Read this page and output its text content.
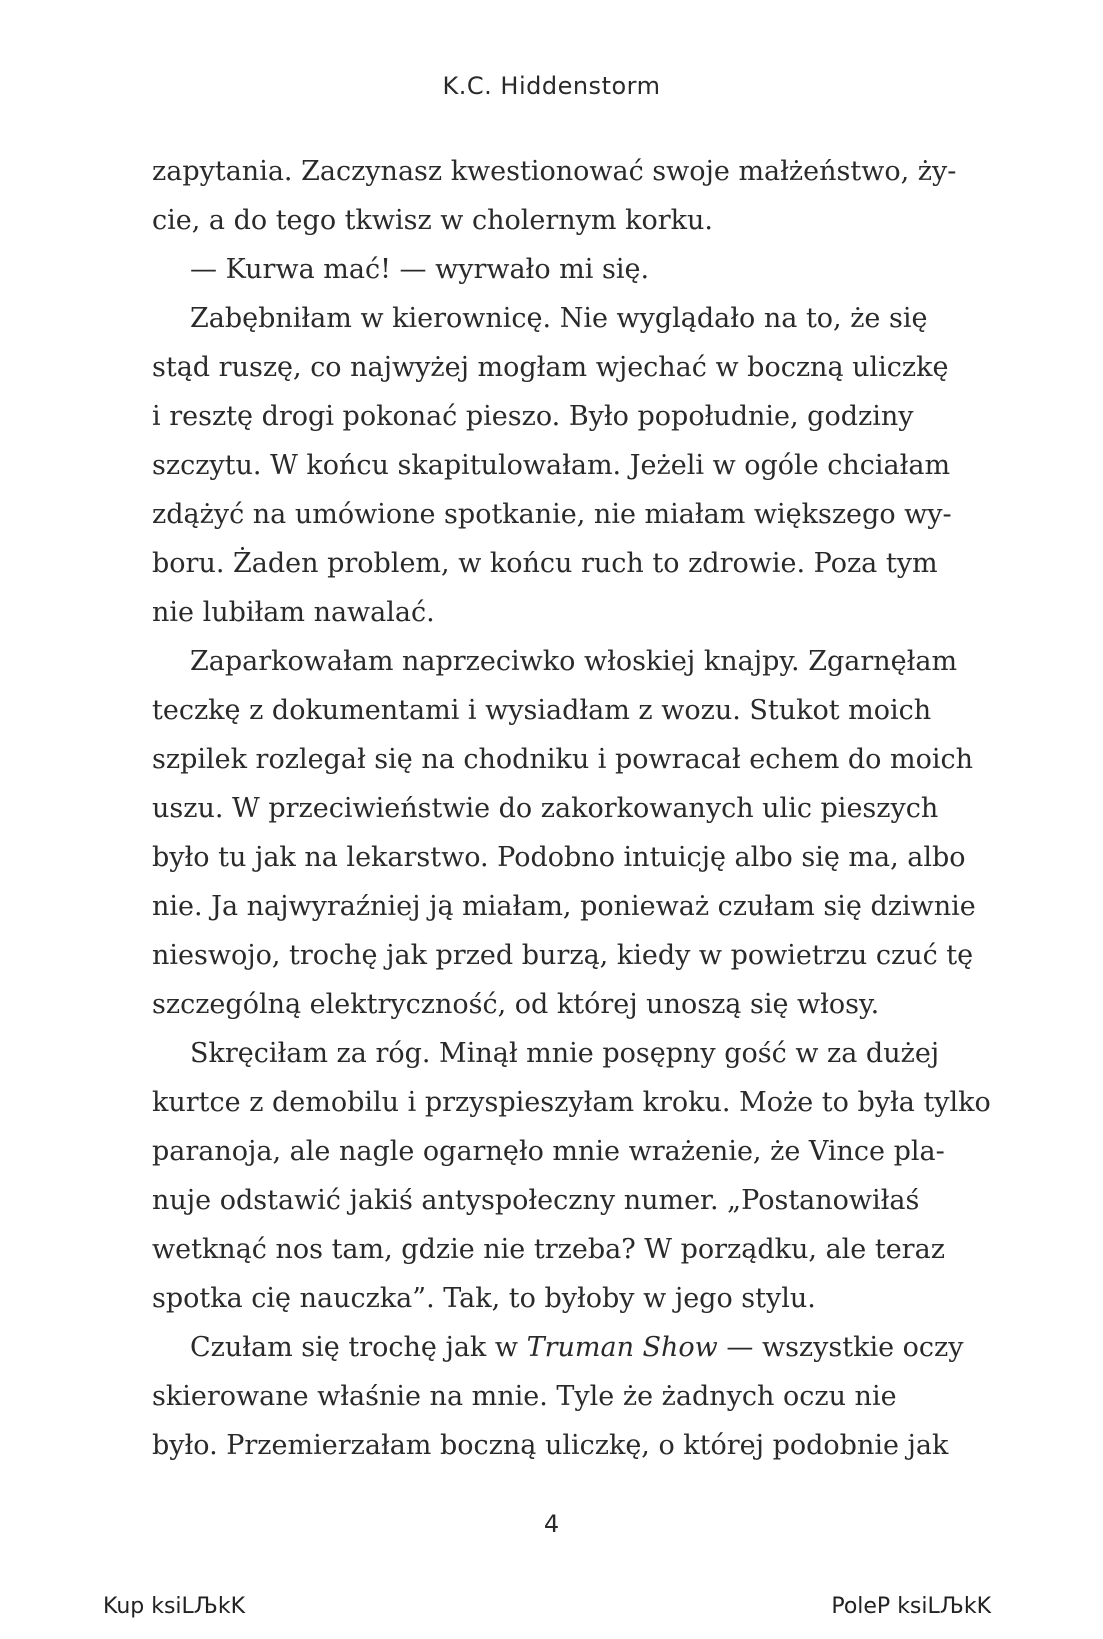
K.C. Hiddenstorm
zapytania. Zaczynasz kwestionować swoje małżeństwo, ży-
cie, a do tego tkwisz w cholernym korku.
— Kurwa mać! — wyrwało mi się.
Zabębniłam w kierownicę. Nie wyglądało na to, że się
stąd ruszę, co najwyżej mogłam wjechać w boczną uliczkę
i resztę drogi pokonać pieszo. Było popołudnie, godziny
szczytu. W końcu skapitulowałam. Jeżeli w ogóle chciałam
zdążyć na umówione spotkanie, nie miałam większego wy-
boru. Żaden problem, w końcu ruch to zdrowie. Poza tym
nie lubiłam nawalać.
Zaparkowałam naprzeciwko włoskiej knajpy. Zgarnęłam
teczkę z dokumentami i wysiadłam z wozu. Stukot moich
szpilek rozlegał się na chodniku i powracał echem do moich
uszu. W przeciwieństwie do zakorkowanych ulic pieszych
było tu jak na lekarstwo. Podobno intuicję albo się ma, albo
nie. Ja najwyraźniej ją miałam, ponieważ czułam się dziwnie
nieswojo, trochę jak przed burzą, kiedy w powietrzu czuć tę
szczególną elektryczność, od której unoszą się włosy.
Skręciłam za róg. Minął mnie posępny gość w za dużej
kurtce z demobilu i przyspieszyłam kroku. Może to była tylko
paranoja, ale nagle ogarnęło mnie wrażenie, że Vince pla-
nuje odstawić jakiś antyspołeczny numer. „Postanowiłaś
wetknąć nos tam, gdzie nie trzeba? W porządku, ale teraz
spotka cię nauczka”. Tak, to byłoby w jego stylu.
Czułam się trochę jak w Truman Show — wszystkie oczy
skierowane właśnie na mnie. Tyle że żadnych oczu nie
było. Przemierzałam boczną uliczkę, o której podobnie jak
4
Kup ksiLЉkK	PoleP ksiLЉkK
